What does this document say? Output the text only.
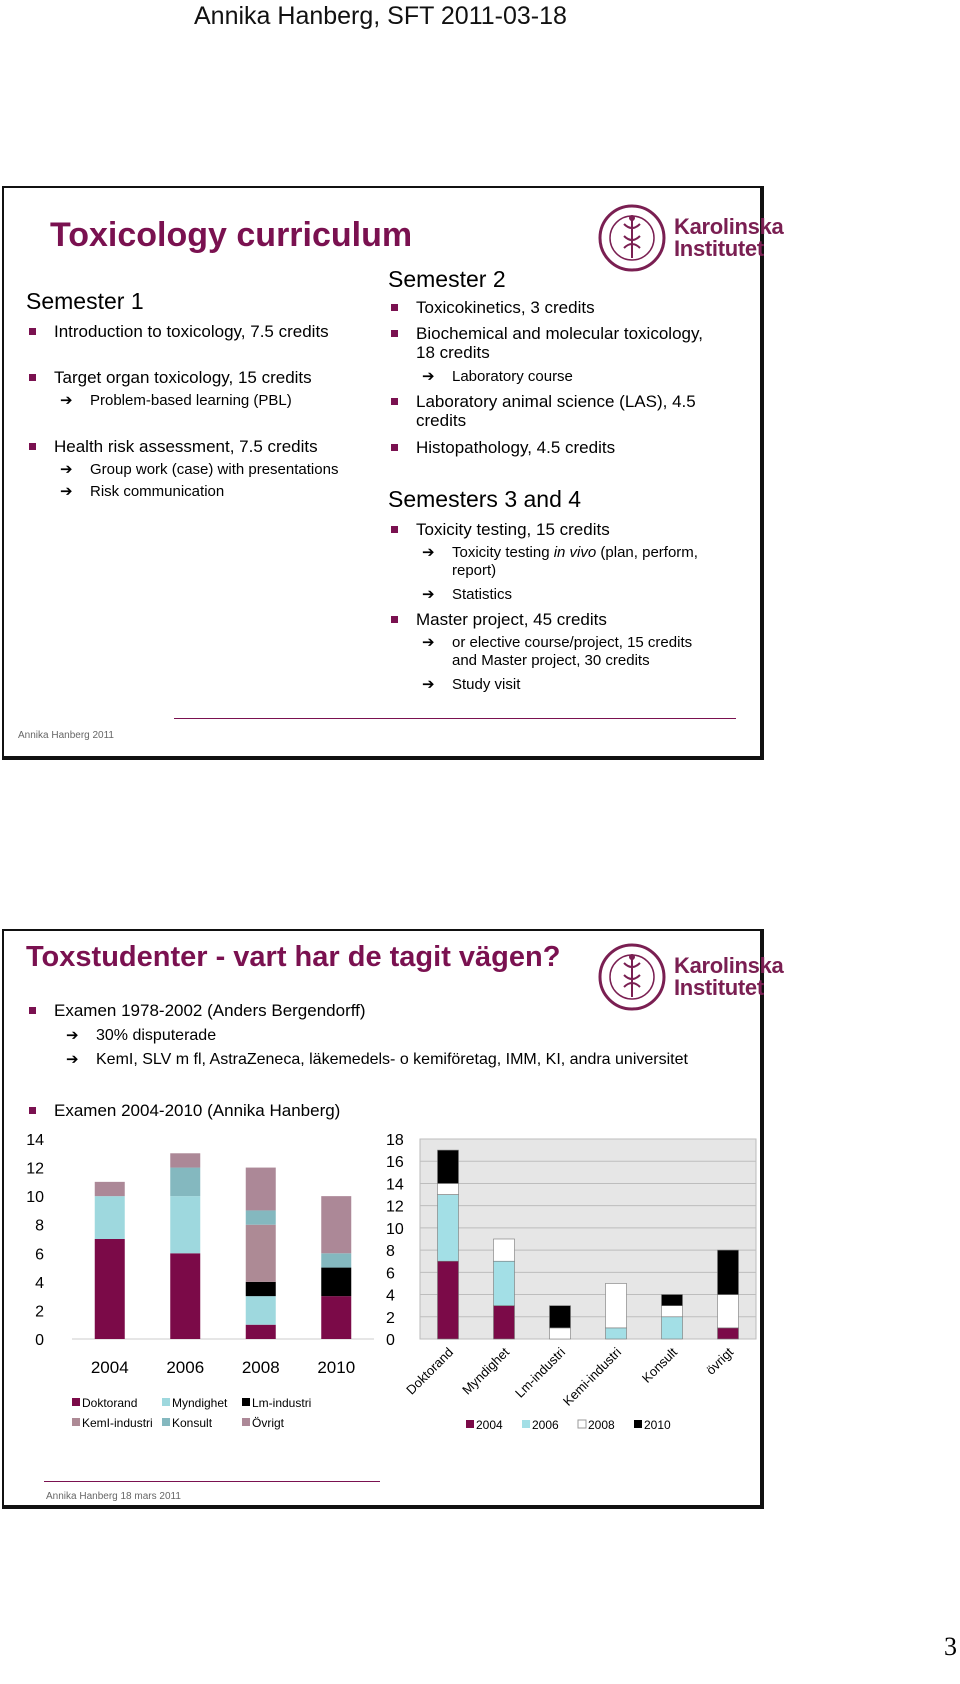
Annika Hanberg, SFT 2011-03-18
Karolinska
Institutet
Toxicology curriculum
Semester 1
Introduction to toxicology, 7.5 credits
Target organ toxicology, 15 credits
➔ Problem-based learning (PBL)
Health risk assessment, 7.5 credits
➔ Group work (case) with presentations
➔ Risk communication
Semester 2
Toxicokinetics, 3 credits
Biochemical and molecular toxicology,
18 credits
➔ Laboratory course
Laboratory animal science (LAS), 4.5
credits
Histopathology, 4.5 credits
Semesters 3 and 4
Toxicity testing, 15 credits
➔ Toxicity testing in vivo (plan, perform,
report)
➔ Statistics
Master project, 45 credits
➔ or elective course/project, 15 credits
and Master project, 30 credits
➔ Study visit
Annika Hanberg 2011
Karolinska
Institutet
Toxstudenter - vart har de tagit vägen?
Examen 1978-2002 (Anders Bergendorff)
➔ 30% disputerade
➔ KemI, SLV m fl, AstraZeneca, läkemedels- o kemiföretag, IMM, KI, andra universitet
Examen 2004-2010 (Annika Hanberg)
0
2
4
6
8
10
12
14
2004 2006 2008 2010
Doktorand	Myndighet Lm-industri
KemI-industri Konsult	Övrigt
0
2
4
6
8
10
12
14
16
18
Doktorand Myndighet Lm-industri
Kemi-industri Konsult övrigt
2004 2006 2008 2010
Annika Hanberg 18 mars 2011
3
